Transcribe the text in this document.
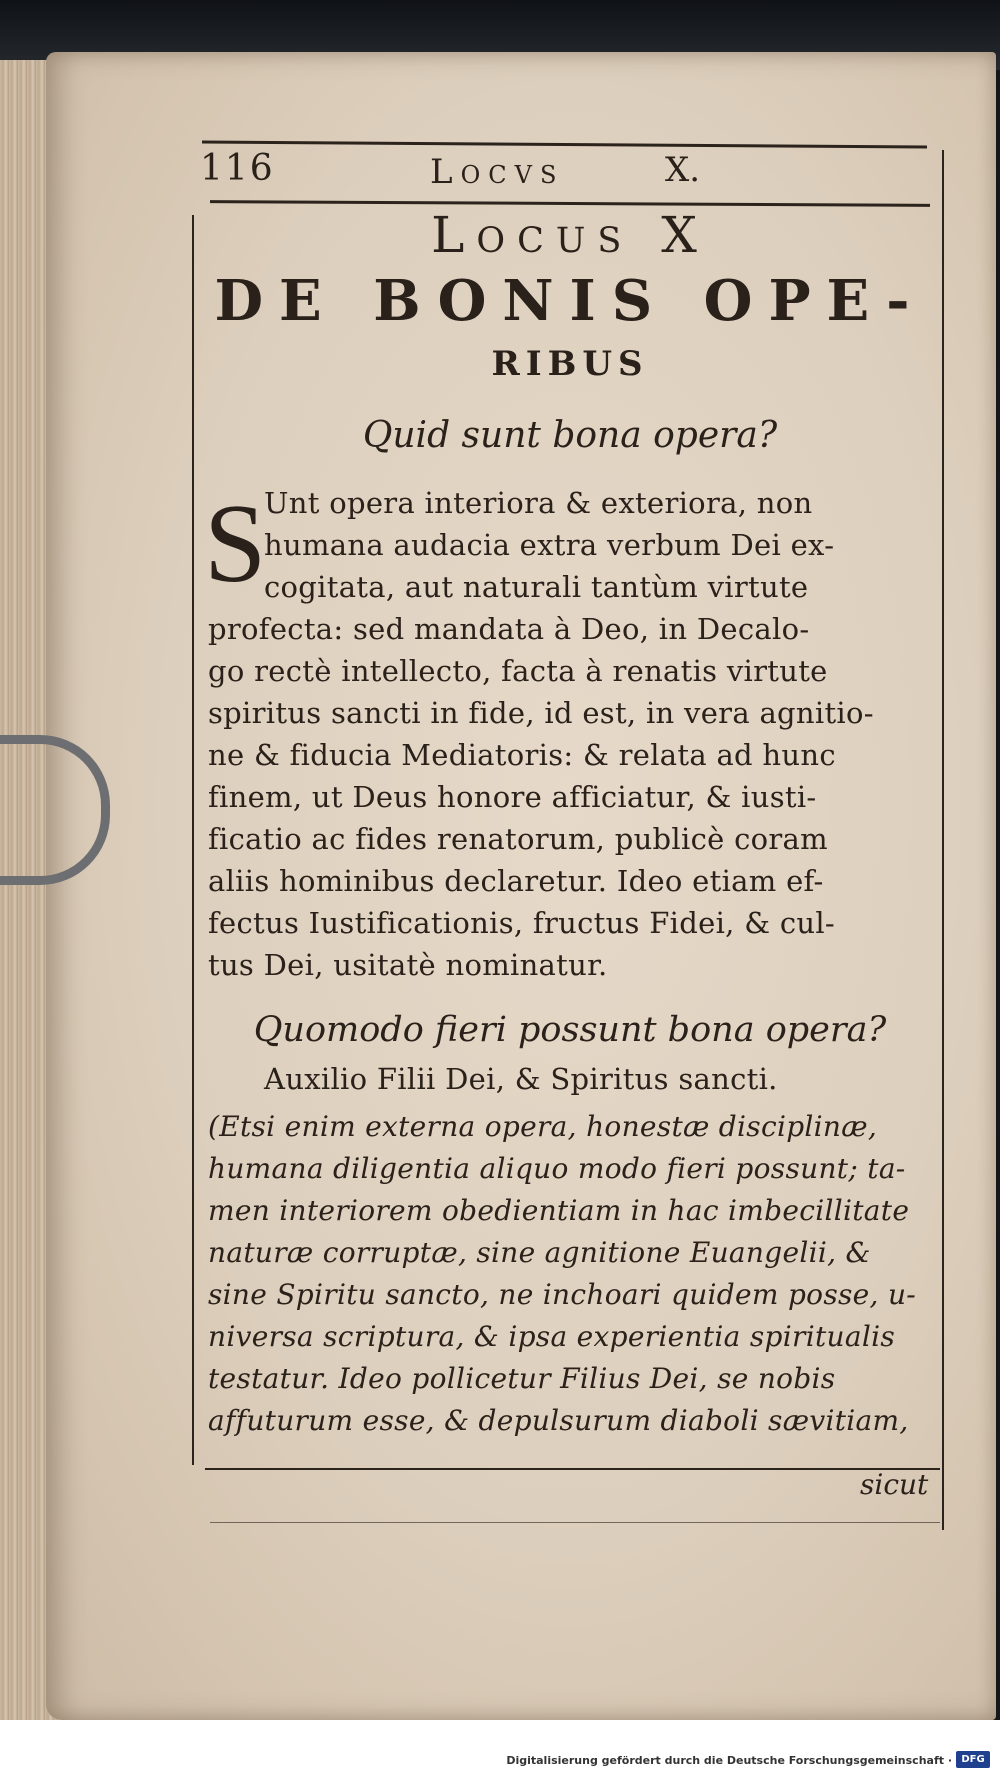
116	Locvs	X.
Locus X
DE BONIS OPE-
RIBUS
Quid sunt bona opera?
S
Unt opera interiora & exteriora, non
humana audacia extra verbum Dei ex-
cogitata, aut naturali tantùm virtute
profecta: sed mandata à Deo, in Decalo-
go rectè intellecto, facta à renatis virtute
spiritus sancti in fide, id est, in vera agnitio-
ne & fiducia Mediatoris: & relata ad hunc
finem, ut Deus honore afficiatur, & iusti-
ficatio ac fides renatorum, publicè coram
aliis hominibus declaretur. Ideo etiam ef-
fectus Iustificationis, fructus Fidei, & cul-
tus Dei, usitatè nominatur.
Quomodo fieri possunt bona opera?
Auxilio Filii Dei, & Spiritus sancti.
(Etsi enim externa opera, honestæ disciplinæ,
humana diligentia aliquo modo fieri possunt; ta-
men interiorem obedientiam in hac imbecillitate
naturæ corruptæ, sine agnitione Euangelii, &
sine Spiritu sancto, ne inchoari quidem posse, u-
niversa scriptura, & ipsa experientia spiritualis
testatur. Ideo pollicetur Filius Dei, se nobis
affuturum esse, & depulsurum diaboli sævitiam,
sicut
Digitalisierung gefördert durch die Deutsche Forschungsgemeinschaft · DFG
